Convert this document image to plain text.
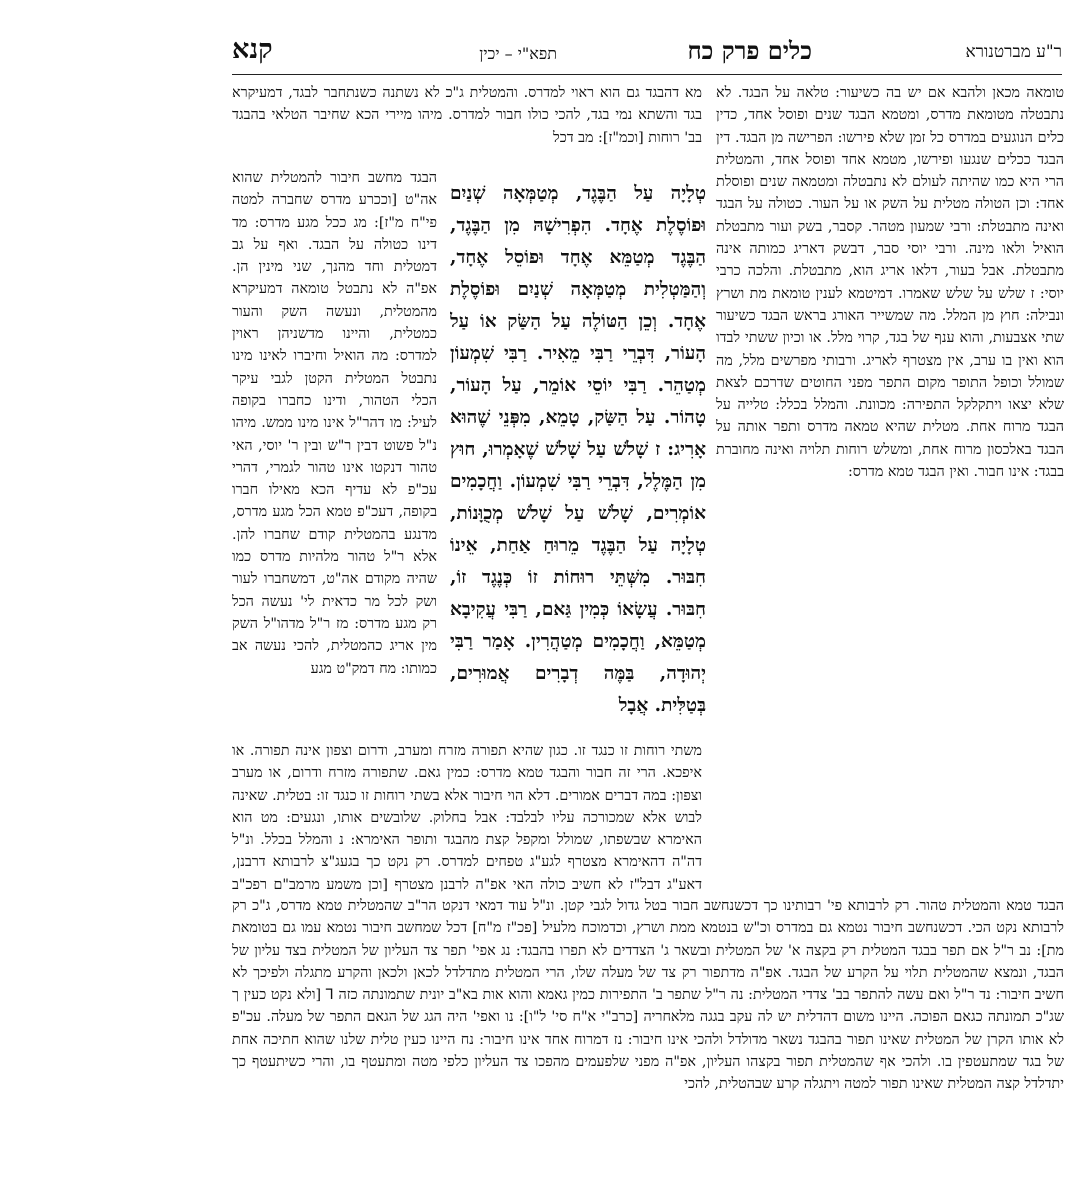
ר"ע מברטנורא
כלים פרק כח
תפא"י – יכין
קנא

טומאה מכאן ולהבא אם יש בה כשיעור: טלאה על הבגד. לא נתבטלה מטומאת מדרס, ומטמא הבגד שנים ופוסל אחד, כדין כלים הנוגעים במדרס כל זמן שלא פירשו: הפרישה מן הבגד. דין הבגד ככלים שנגעו ופירשו, מטמא אחד ופוסל אחד, והמטלית הרי היא כמו שהיתה לעולם לא נתבטלה ומטמאה שנים ופוסלת אחד: וכן הטולה מטלית על השק או על העור. כטולה על הבגד ואינה מתבטלת: ורבי שמעון מטהר. קסבר, בשק ועור מתבטלת הואיל ולאו מינה. ורבי יוסי סבר, דבשק דאריג כמותה אינה מתבטלת. אבל בעור, דלאו אריג הוא, מתבטלת. והלכה כרבי יוסי: ז שלש על שלש שאמרו. דמיטמא לענין טומאת מת ושרץ ונבילה: חוץ מן המלל. מה שמשייר האורג בראש הבגד כשיעור שתי אצבעות, והוא ענף של בגד, קרוי מלל. או וכיון ששתי לבדו הוא ואין בו ערב, אין מצטרף לאריג. ורבותי מפרשים מלל, מה שמולל וכופל התופר מקום התפר מפני החוטים שדרכם לצאת שלא יצאו ויתקלקל התפירה: מכוונת. והמלל בכלל: טלייה על הבגד מרוח אחת. מטלית שהיא טמאה מדרס ותפר אותה על הבגד באלכסון מרוח אחת, ומשלש רוחות תלויה ואינה מחוברת בבגד: אינו חבור. ואין הבגד טמא מדרס:

מא דהבגד גם הוא ראוי למדרס. והמטלית ג"כ לא נשתנה כשנתחבר לבגד, דמעיקרא בגד והשתא נמי בגד, להכי כולו חבור למדרס. מיהו מיירי הכא שחיבר הטלאי בהבגד בב' רוחות [וכמ"ז]: מב דכל

הבגד מחשב חיבור להמטלית שהוא אה"ט [וככרע מדרס שחברה למטה פי"ח מ"ז]: מג ככל מגע מדרס: מד דינו כטולה על הבגד. ואף על גב דמטלית וחד מהנך, שני מינין הן. אפ"ה לא נתבטל טומאה דמעיקרא מהמטלית, ונעשה השק והעור כמטלית, והיינו מדשניהן ראוין למדרס: מה הואיל וחיברו לאינו מינו נתבטל המטלית הקטן לגבי עיקר הכלי הטהור, ודינו כחברו בקופה לעיל: מו דהר"ל אינו מינו ממש. מיהו נ"ל פשוט דבין ר"ש ובין ר' יוסי, האי טהור דנקטו אינו טהור לגמרי, דהרי עכ"פ לא עדיף הכא מאילו חברו בקופה, דעכ"פ טמא הכל מגע מדרס, מדנגע בהמטלית קודם שחברו להן. אלא ר"ל טהור מלהיות מדרס כמו שהיה מקודם אה"ט, דמשחברו לעור ושק לכל מר כדאית לי' נעשה הכל רק מגע מדרס: מז ר"ל מדהו"ל השק מין אריג כהמטלית, להכי נעשה אב כמותו: מח דמק"ט מגע

טְלָיָה עַל הַבֶּגֶד, מְטַמְּאָה שְׁנַיִם וּפוֹסֶלֶת אֶחָד. הִפְרִישָׁהּ מִן הַבֶּגֶד, הַבֶּגֶד מְטַמֵּא אֶחָד וּפוֹסֵל אֶחָד, וְהַמַּטְלִית מְטַמְּאָה שְׁנַיִם וּפוֹסֶלֶת אֶחָד. וְכֵן הַטּוֹלֶה עַל הַשַּׂק אוֹ עַל הָעוֹר, דִּבְרֵי רַבִּי מֵאִיר. רַבִּי שִׁמְעוֹן מְטַהֵר. רַבִּי יוֹסֵי אוֹמֵר, עַל הָעוֹר, טָהוֹר. עַל הַשַּׂק, טָמֵא, מִפְּנֵי שֶׁהוּא אָרִיג: ז שָׁלֹשׁ עַל שָׁלֹשׁ שֶׁאָמְרוּ, חוּץ מִן הַמֶּלֶל, דִּבְרֵי רַבִּי שִׁמְעוֹן. וַחֲכָמִים אוֹמְרִים, שָׁלֹשׁ עַל שָׁלֹשׁ מְכֻוָּנוֹת, טְלָיָה עַל הַבֶּגֶד מֵרוּחַ אַחַת, אֵינוֹ חִבּוּר. מִשְּׁתֵּי רוּחוֹת זוֹ כְּנֶגֶד זוֹ, חִבּוּר. עֲשָׂאוֹ כְּמִין גַּאם, רַבִּי עֲקִיבָא מְטַמֵּא, וַחֲכָמִים מְטַהֲרִין. אָמַר רַבִּי יְהוּדָה, בַּמֶּה דְבָרִים אֲמוּרִים, בְּטַלִּית. אֲבָל

משתי רוחות זו כנגד זו. כגון שהיא תפורה מזרח ומערב, ודרום וצפון אינה תפורה. או איפכא. הרי זה חבור והבגד טמא מדרס: כמין גאם. שתפורה מזרח ודרום, או מערב וצפון: במה דברים אמורים. דלא הוי חיבור אלא בשתי רוחות זו כנגד זו: בטלית. שאינה לבוש אלא שמכורכה עליו לבלבד: אבל בחלוק. שלובשים אותו, ונגעים: מט הוא האימרא שבשפתו, שמולל ומקפל קצת מהבגד ותופר האימרא: נ והמלל בכלל. ונ"ל דה"ה דהאימרא מצטרף לגע"ג טפחים למדרס. רק נקט כך בגעג"צ לרבותא דרבנן, דאע"ג דבל"ז לא חשיב כולה האי אפ"ה לרבנן מצטרף [וכן משמע מרמב"ם רפכ"ב

הבגד טמא והמטלית טהור. רק לרבותא פי' רבותינו כך דכשנחשב חבור בטל גדול לגבי קטן. ונ"ל עוד דמאי דנקט הר"ב שהמטלית טמא מדרס, ג"כ רק לרבותא נקט הכי. דכשנחשב חיבור נטמא גם במדרס וכ"ש בנטמא ממת ושרץ, וכדמוכח מלעיל [פכ"ז מ"ח] דכל שמחשב חיבור נטמא עמו גם בטומאת מת]: נב ר"ל אם תפר בבגד המטלית רק בקצה א' של המטלית ובשאר ג' הצדדים לא תפרו בהבגד: נג אפי' תפר צד העליון של המטלית בצד עליון של הבגד, ונמצא שהמטלית תלוי על הקרע של הבגד. אפ"ה מדתפור רק צד של מעלה שלו, הרי המטלית מתדלדל לכאן ולכאן והקרע מתגלה ולפיכך לא חשיב חיבור: נד ר"ל ואם עשה להתפר בב' צדדי המטלית: נה ר"ל שתפר ב' התפירות כמין גאמא והוא אות בא"ב יונית שתמונתה כזה ⅂ [ולא נקט כעין ך שג"כ תמונתה כגאם הפוכה. היינו משום דהדלית יש לה עקב בגגה מלאחריה [כרב"י א"ח סי' ל"ו]: נו ואפי' היה הגג של הגאם התפר של מעלה. עכ"פ לא אותו הקרן של המטלית שאינו תפור בהבגד נשאר מדולדל ולהכי אינו חיבור: נז דמרוח אחד אינו חיבור: נח היינו כעין טלית שלנו שהוא חתיכה אחת של בגד שמתעטפין בו. ולהכי אף שהמטלית תפור בקצהו העליון, אפ"ה מפני שלפעמים מהפכו צד העליון כלפי מטה ומתעטף בו, והרי כשיתעטף כך יתדלדל קצה המטלית שאינו תפור למטה ויתגלה קרע שבהטלית, להכי
